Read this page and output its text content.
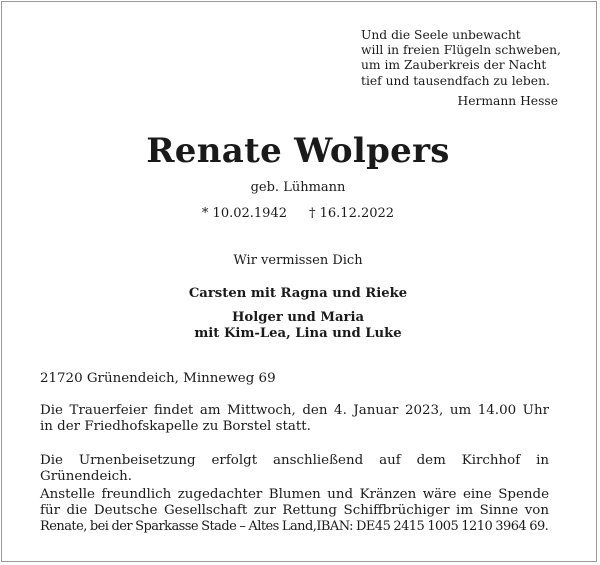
Und die Seele unbewacht
will in freien Flügeln schweben,
um im Zauberkreis der Nacht
tief und tausendfach zu leben.
Hermann Hesse
Renate Wolpers
geb. Lühmann
* 10.02.1942 † 16.12.2022
Wir vermissen Dich
Carsten mit Ragna und Rieke
Holger und Maria
mit Kim-Lea, Lina und Luke
21720 Grünendeich, Minneweg 69
Die Trauerfeier findet am Mittwoch, den 4. Januar 2023, um 14.00 Uhr
in der Friedhofskapelle zu Borstel statt.
Die Urnenbeisetzung erfolgt anschließend auf dem Kirchhof in Grünendeich.
Anstelle freundlich zugedachter Blumen und Kränzen wäre eine Spende
für die Deutsche Gesellschaft zur Rettung Schiffbrüchiger im Sinne von
Renate, bei der Sparkasse Stade – Altes Land,IBAN: DE45 2415 1005 1210 3964 69.
